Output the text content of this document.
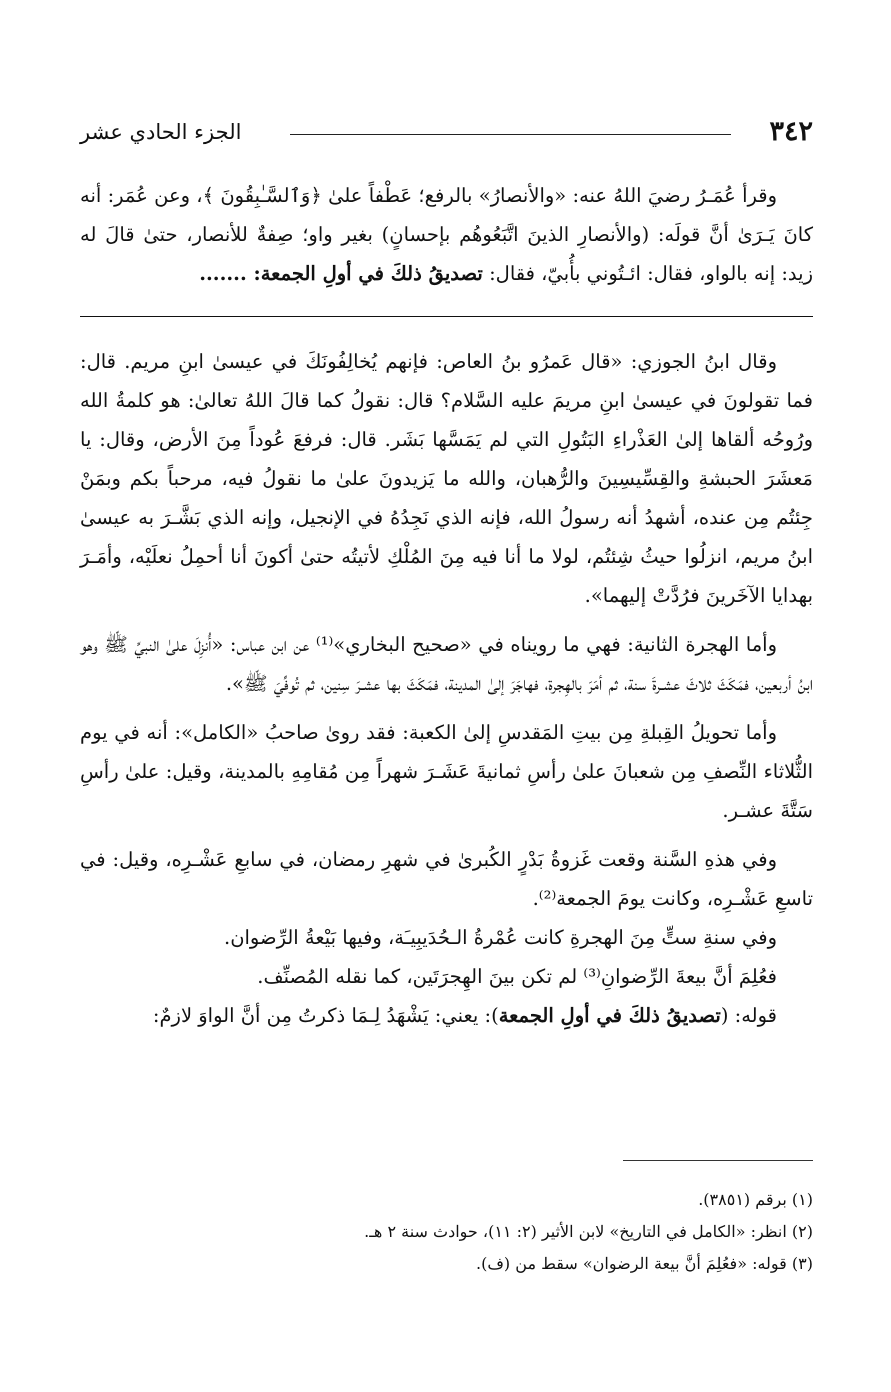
٣٤٢
الجزء الحادي عشر

وقرأ عُمَـرُ رضيَ اللهُ عنه: «والأنصارُ» بالرفع؛ عَطْفاً علىٰ ﴿وَٱلسَّـٰبِقُونَ ﴾، وعن عُمَر: أنه كانَ يَـرَىٰ أنَّ قولَه: (والأنصارِ الذينَ اتَّبَعُوهُم بإحسانٍ) بغير واو؛ صِفةٌ للأنصار، حتىٰ قالَ له زيد: إنه بالواو، فقال: ائـتُوني بأُبيّ، فقال: تصديقُ ذلكَ في أولِ الجمعة: .......

وقال ابنُ الجوزي: «قال عَمرُو بنُ العاص: فإنهم يُخالِفُونَكَ في عيسىٰ ابنِ مريم. قال: فما تقولونَ في عيسىٰ ابنِ مريمَ عليه السَّلام؟ قال: نقولُ كما قالَ اللهُ تعالىٰ: هو كلمةُ الله ورُوحُه ألقاها إلىٰ العَذْراءِ البَتُولِ التي لم يَمَسَّها بَشَر. قال: فرفعَ عُوداً مِنَ الأرض، وقال: يا مَعشَرَ الحبشةِ والقِسِّيسِينَ والرُّهبان، والله ما يَزيدونَ علىٰ ما نقولُ فيه، مرحباً بكم وبمَنْ جِئتُم مِن عنده، أشهدُ أنه رسولُ الله، فإنه الذي نَجِدُهُ في الإنجيل، وإنه الذي بَشَّـرَ به عيسىٰ ابنُ مريم، انزلُوا حيثُ شِئتُم، لولا ما أنا فيه مِنَ المُلْكِ لأتيتُه حتىٰ أكونَ أنا أحمِلُ نعلَيْه، وأمَـرَ بهدايا الآخَرينَ فرُدَّتْ إليهما».

وأما الهجرة الثانية: فهي ما رويناه في «صحيح البخاري»⁽¹⁾ عن ابن عباس: «أُنزِلَ علىٰ النبيِّ ﷺ وهو ابنُ أربعين، فمَكَثَ ثلاثَ عشـرةَ سنة، ثم أمَرَ بالهِجرة، فهاجَرَ إلىٰ المدينة، فمَكَثَ بها عشـرَ سِنين، ثم تُوفِّيَ ﷺ».

وأما تحويلُ القِبلةِ مِن بيتِ المَقدسِ إلىٰ الكعبة: فقد روىٰ صاحبُ «الكامل»: أنه في يوم الثُّلاثاء النِّصفِ مِن شعبانَ علىٰ رأسِ ثمانيةَ عَشَـرَ شهراً مِن مُقامِهِ بالمدينة، وقيل: علىٰ رأسِ سَتَّةَ عشـر.

وفي هذهِ السَّنة وقعت غَزوةُ بَدْرٍ الكُبرىٰ في شهرِ رمضان، في سابعِ عَشْـرِه، وقيل: في تاسعِ عَشْـرِه، وكانت يومَ الجمعة⁽²⁾.

وفي سنةِ ستٍّ مِنَ الهجرةِ كانت عُمْرةُ الـحُدَيبِيـَة، وفيها بَيْعةُ الرِّضوان.

فعُلِمَ أنَّ بيعةَ الرِّضوانِ⁽³⁾ لم تكن بينَ الهِجرَتَين، كما نقله المُصنِّف.

قوله: (تصديقُ ذلكَ في أولِ الجمعة): يعني: يَشْهَدُ لِـمَا ذكرتُ مِن أنَّ الواوَ لازمٌ:

(١) برقم (٣٨٥١).

(٢) انظر: «الكامل في التاريخ» لابن الأثير (٢: ١١)، حوادث سنة ٢ هـ.

(٣) قوله: «فعُلِمَ أنَّ بيعة الرضوان» سقط من (ف).
